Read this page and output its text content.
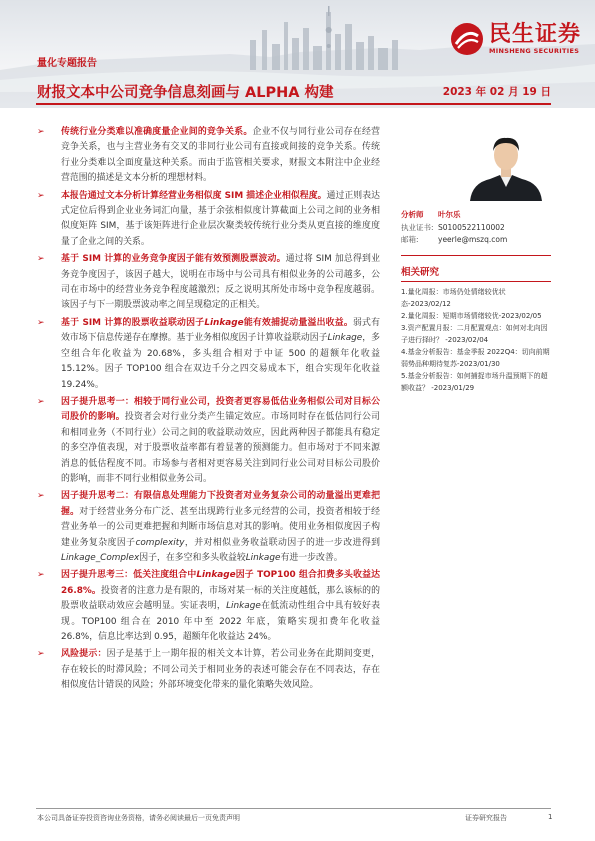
民生证券
MINSHENG SECURITIES
量化专题报告
财报文本中公司竞争信息刻画与 ALPHA 构建	2023 年 02 月 19 日
➢ 传统行业分类难以准确度量企业间的竞争关系。企业不仅与同行业公司存在经营竞争关系，也与主营业务有交叉的非同行业公司有直接或间接的竞争关系。传统行业分类难以全面度量这种关系。而由于监管相关要求，财报文本附注中企业经营范围的描述是文本分析的理想材料。
➢ 本报告通过文本分析计算经营业务相似度 SIM 描述企业相似程度。通过正则表达式定位后得到企业业务词汇向量，基于余弦相似度计算截面上公司之间的业务相似度矩阵 SIM，基于该矩阵进行企业层次聚类较传统行业分类从更直接的维度度量了企业之间的关系。
➢ 基于 SIM 计算的业务竞争度因子能有效预测股票波动。通过将 SIM 加总得到业务竞争度因子，该因子越大，说明在市场中与公司具有相似业务的公司越多，公司在市场中的经营业务竞争程度越激烈；反之说明其所处市场中竞争程度越弱。该因子与下一期股票波动率之间呈现稳定的正相关。
➢ 基于 SIM 计算的股票收益联动因子Linkage能有效捕捉动量溢出收益。弱式有效市场下信息传递存在摩擦。基于业务相似度因子计算收益联动因子Linkage，多空组合年化收益为 20.68%，多头组合相对于中证 500 的超额年化收益 15.12%。因子 TOP100 组合在双边千分之四交易成本下，组合实现年化收益 19.24%。
➢ 因子提升思考一：相较于同行业公司，投资者更容易低估业务相似公司对目标公司股价的影响。投资者会对行业分类产生锚定效应。市场同时存在低估同行公司和相同业务（不同行业）公司之间的收益联动效应，因此两种因子都能具有稳定的多空净值表现，对于股票收益率都有着显著的预测能力。但市场对于不同来源消息的低估程度不同。市场参与者相对更容易关注到同行业公司对目标公司股价的影响，而非不同行业相似业务公司。
➢ 因子提升思考二：有限信息处理能力下投资者对业务复杂公司的动量溢出更难把握。对于经营业务分布广泛、甚至出现跨行业多元经营的公司，投资者相较于经营业务单一的公司更难把握和判断市场信息对其的影响。使用业务相似度因子构建业务复杂度因子complexity，并对相似业务收益联动因子的进一步改进得到Linkage_Complex因子，在多空和多头收益较Linkage有进一步改善。
➢ 因子提升思考三：低关注度组合中Linkage因子 TOP100 组合扣费多头收益达 26.8%。投资者的注意力是有限的，市场对某一标的关注度越低，那么该标的的股票收益联动效应会越明显。实证表明，Linkage在低流动性组合中具有较好表现。TOP100 组合在 2010 年中至 2022 年底，策略实现扣费年化收益 26.8%，信息比率达到 0.95，超额年化收益达 24%。
➢ 风险提示：因子是基于上一期年报的相关文本计算，若公司业务在此期间变更，存在较长的时滞风险；不同公司关于相同业务的表述可能会存在不同表达，存在相似度估计错误的风险；外部环境变化带来的量化策略失效风险。
分析师	叶尔乐
执业证书: S0100522110002
邮箱:	yeerle@mszq.com
相关研究
1.量化周报：市场仍处情绪较优状态-2023/02/12
2.量化周报：短期市场情绪较优-2023/02/05
3.资产配置月报：二月配置观点：如何对北向因子进行择时？ -2023/02/04
4.基金分析报告：基金季报 2022Q4：切向前期弱势品种期待复苏-2023/01/30
5.基金分析报告：如何捕捉市场升温预期下的超额收益？ -2023/01/29
本公司具备证券投资咨询业务资格，请务必阅读最后一页免责声明	证券研究报告	1
